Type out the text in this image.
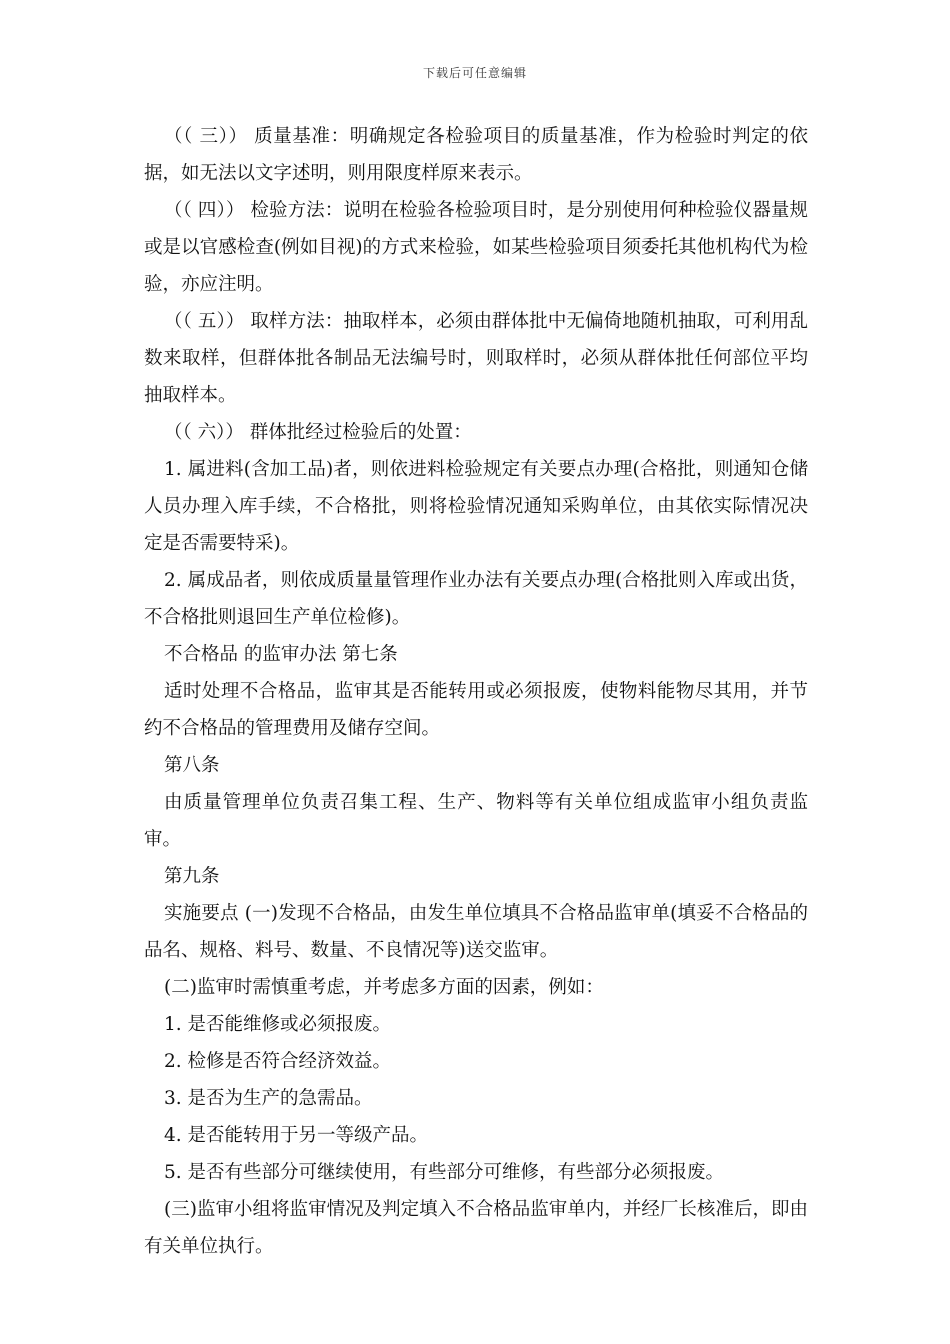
下载后可任意编辑

（（ 三）） 质量基准：明确规定各检验项目的质量基准，作为检验时判定的依据，如无法以文字述明，则用限度样原来表示。

（（ 四）） 检验方法：说明在检验各检验项目时，是分别使用何种检验仪器量规或是以官感检查(例如目视)的方式来检验，如某些检验项目须委托其他机构代为检验，亦应注明。

（（ 五）） 取样方法：抽取样本，必须由群体批中无偏倚地随机抽取，可利用乱数来取样，但群体批各制品无法编号时，则取样时，必须从群体批任何部位平均抽取样本。

（（ 六）） 群体批经过检验后的处置：

1. 属进料(含加工品)者，则依进料检验规定有关要点办理(合格批，则通知仓储人员办理入库手续，不合格批，则将检验情况通知采购单位，由其依实际情况决定是否需要特采)。

2. 属成品者，则依成质量量管理作业办法有关要点办理(合格批则入库或出货，不合格批则退回生产单位检修)。

不合格品 的监审办法 第七条

适时处理不合格品，监审其是否能转用或必须报废，使物料能物尽其用，并节约不合格品的管理费用及储存空间。

第八条

由质量管理单位负责召集工程、生产、物料等有关单位组成监审小组负责监审。

第九条

实施要点 (一)发现不合格品，由发生单位填具不合格品监审单(填妥不合格品的品名、规格、料号、数量、不良情况等)送交监审。

(二)监审时需慎重考虑，并考虑多方面的因素，例如：

1. 是否能维修或必须报废。

2. 检修是否符合经济效益。

3. 是否为生产的急需品。

4. 是否能转用于另一等级产品。

5. 是否有些部分可继续使用，有些部分可维修，有些部分必须报废。

(三)监审小组将监审情况及判定填入不合格品监审单内，并经厂长核准后，即由有关单位执行。
